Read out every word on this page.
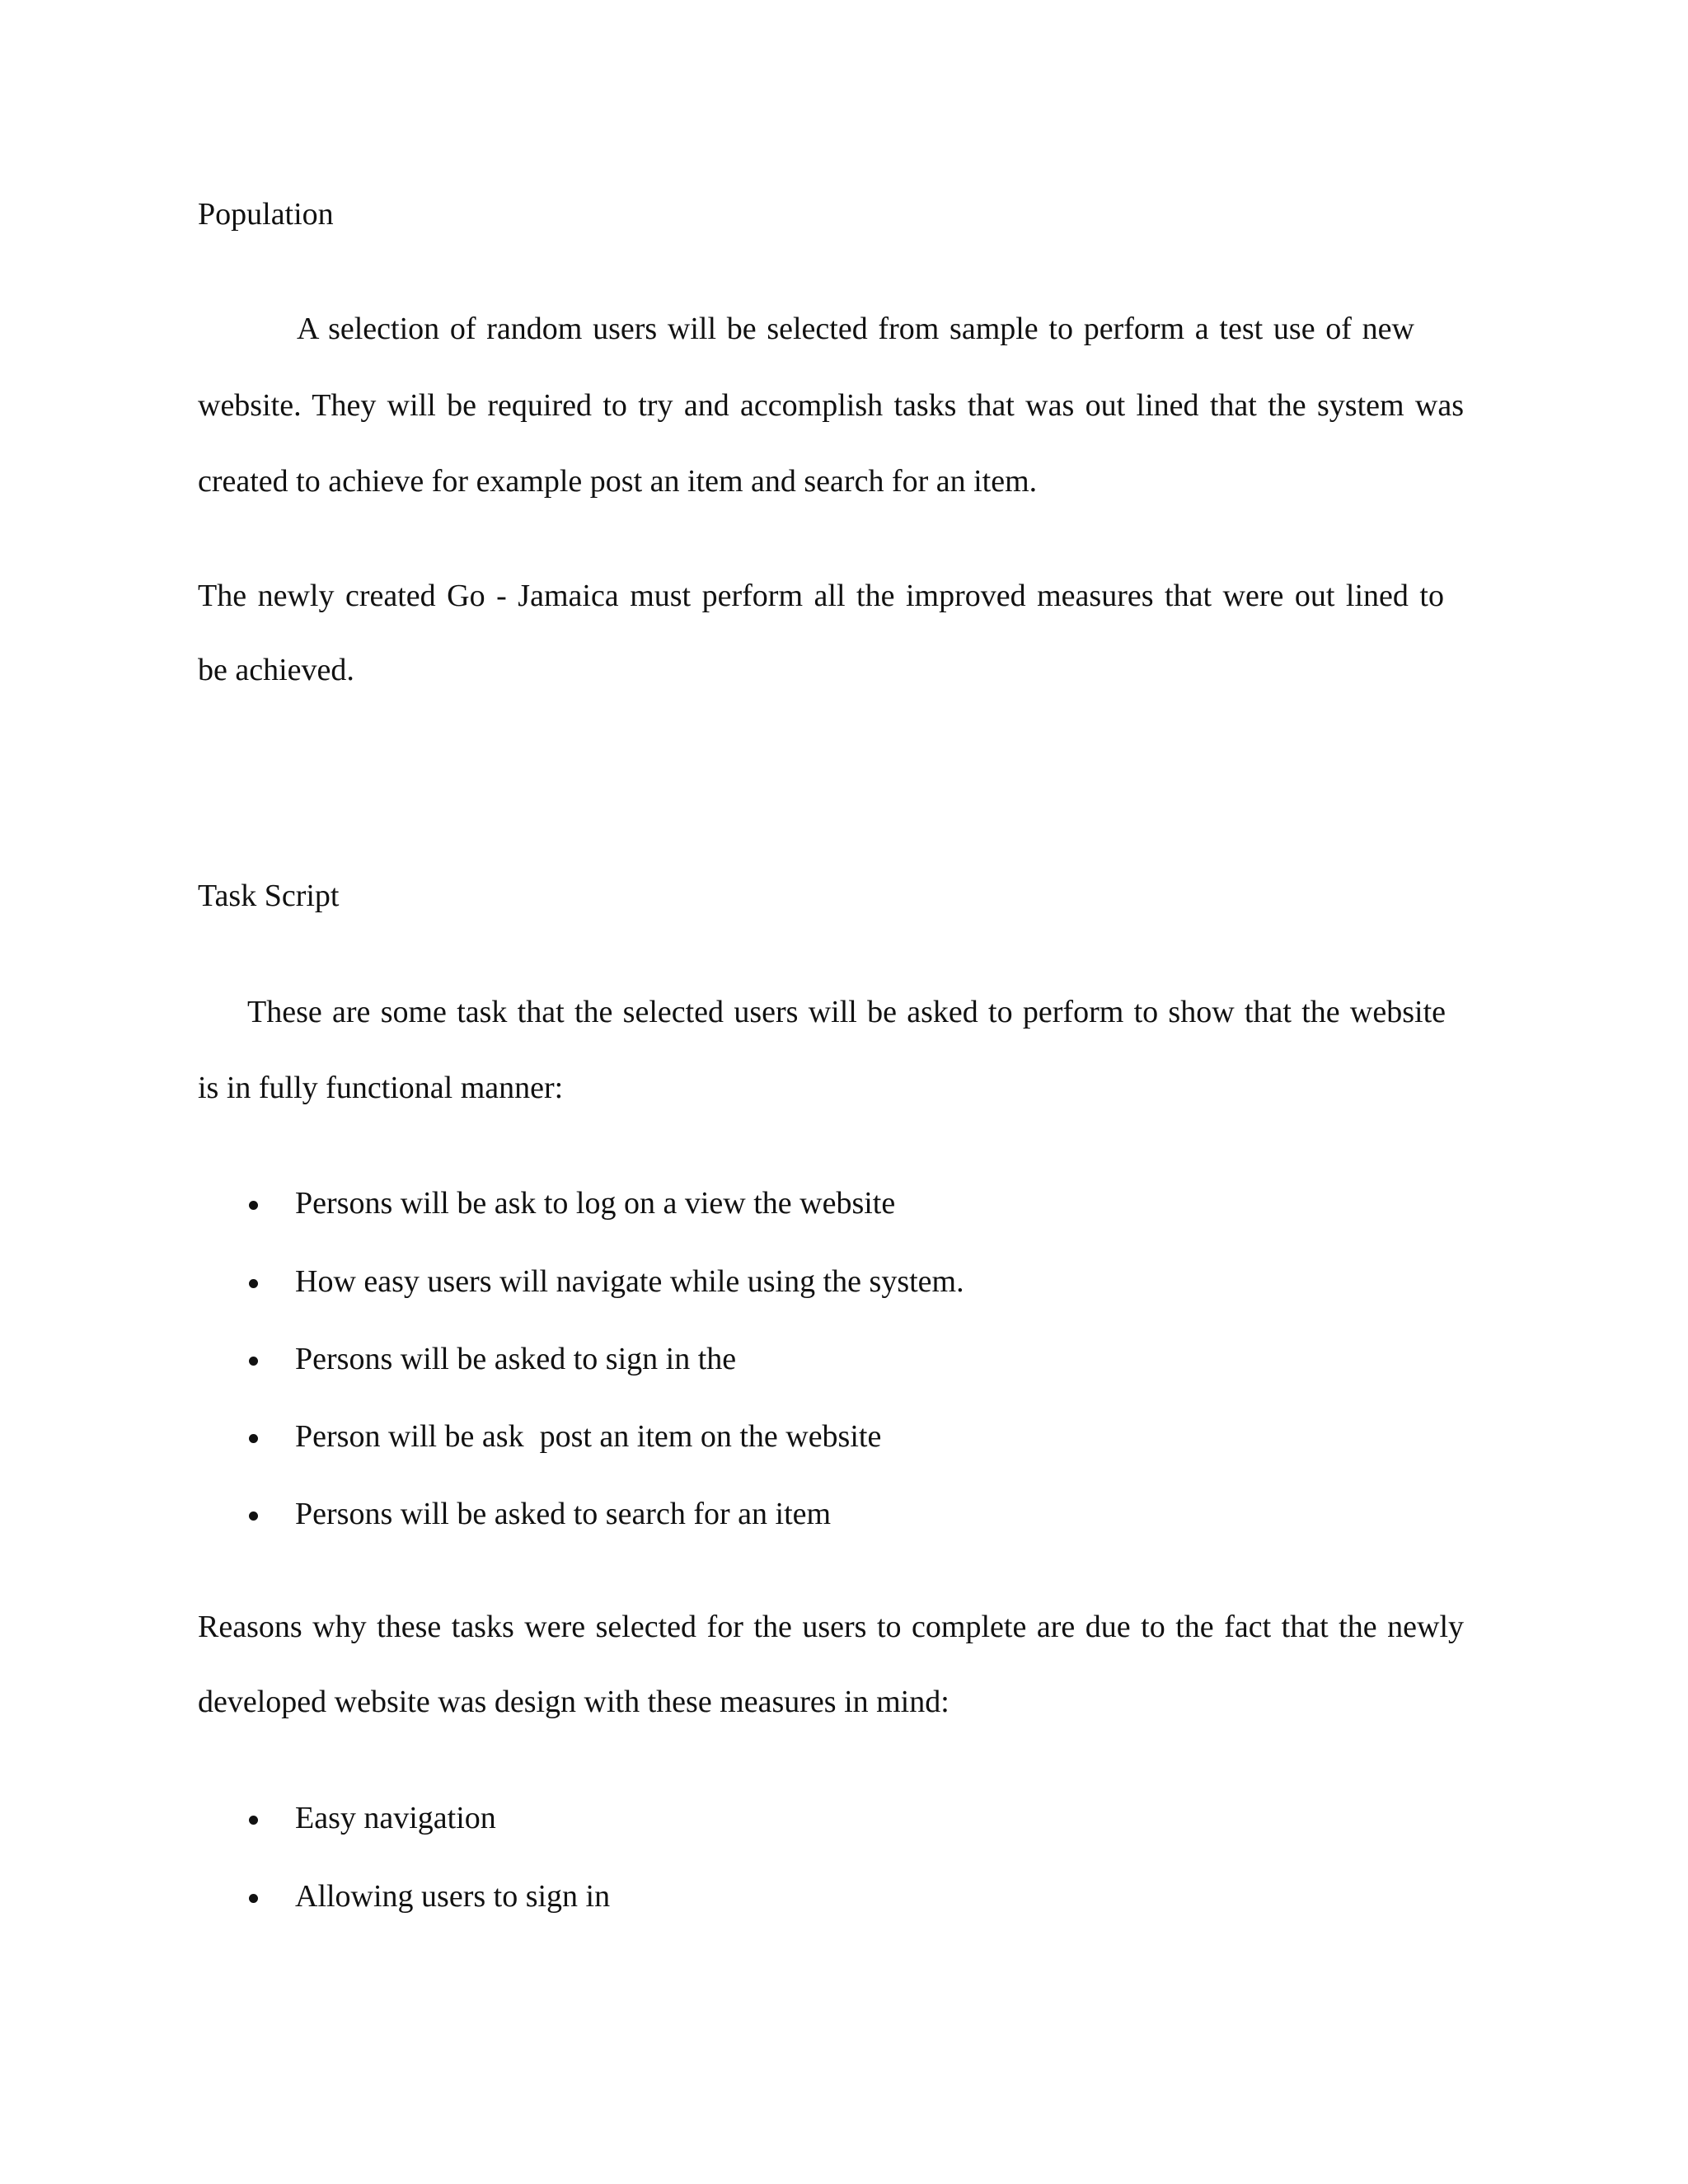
Population

A selection of random users will be selected from sample to perform a test use of new

website. They will be required to try and accomplish tasks that was out lined that the system was

created to achieve for example post an item and search for an item.

The newly created Go - Jamaica must perform all the improved measures that were out lined to

be achieved.

Task Script

These are some task that the selected users will be asked to perform to show that the website

is in fully functional manner:

Persons will be ask to log on a view the website
How easy users will navigate while using the system.
Persons will be asked to sign in the
Person will be ask  post an item on the website
Persons will be asked to search for an item

Reasons why these tasks were selected for the users to complete are due to the fact that the newly

developed website was design with these measures in mind:

Easy navigation
Allowing users to sign in
